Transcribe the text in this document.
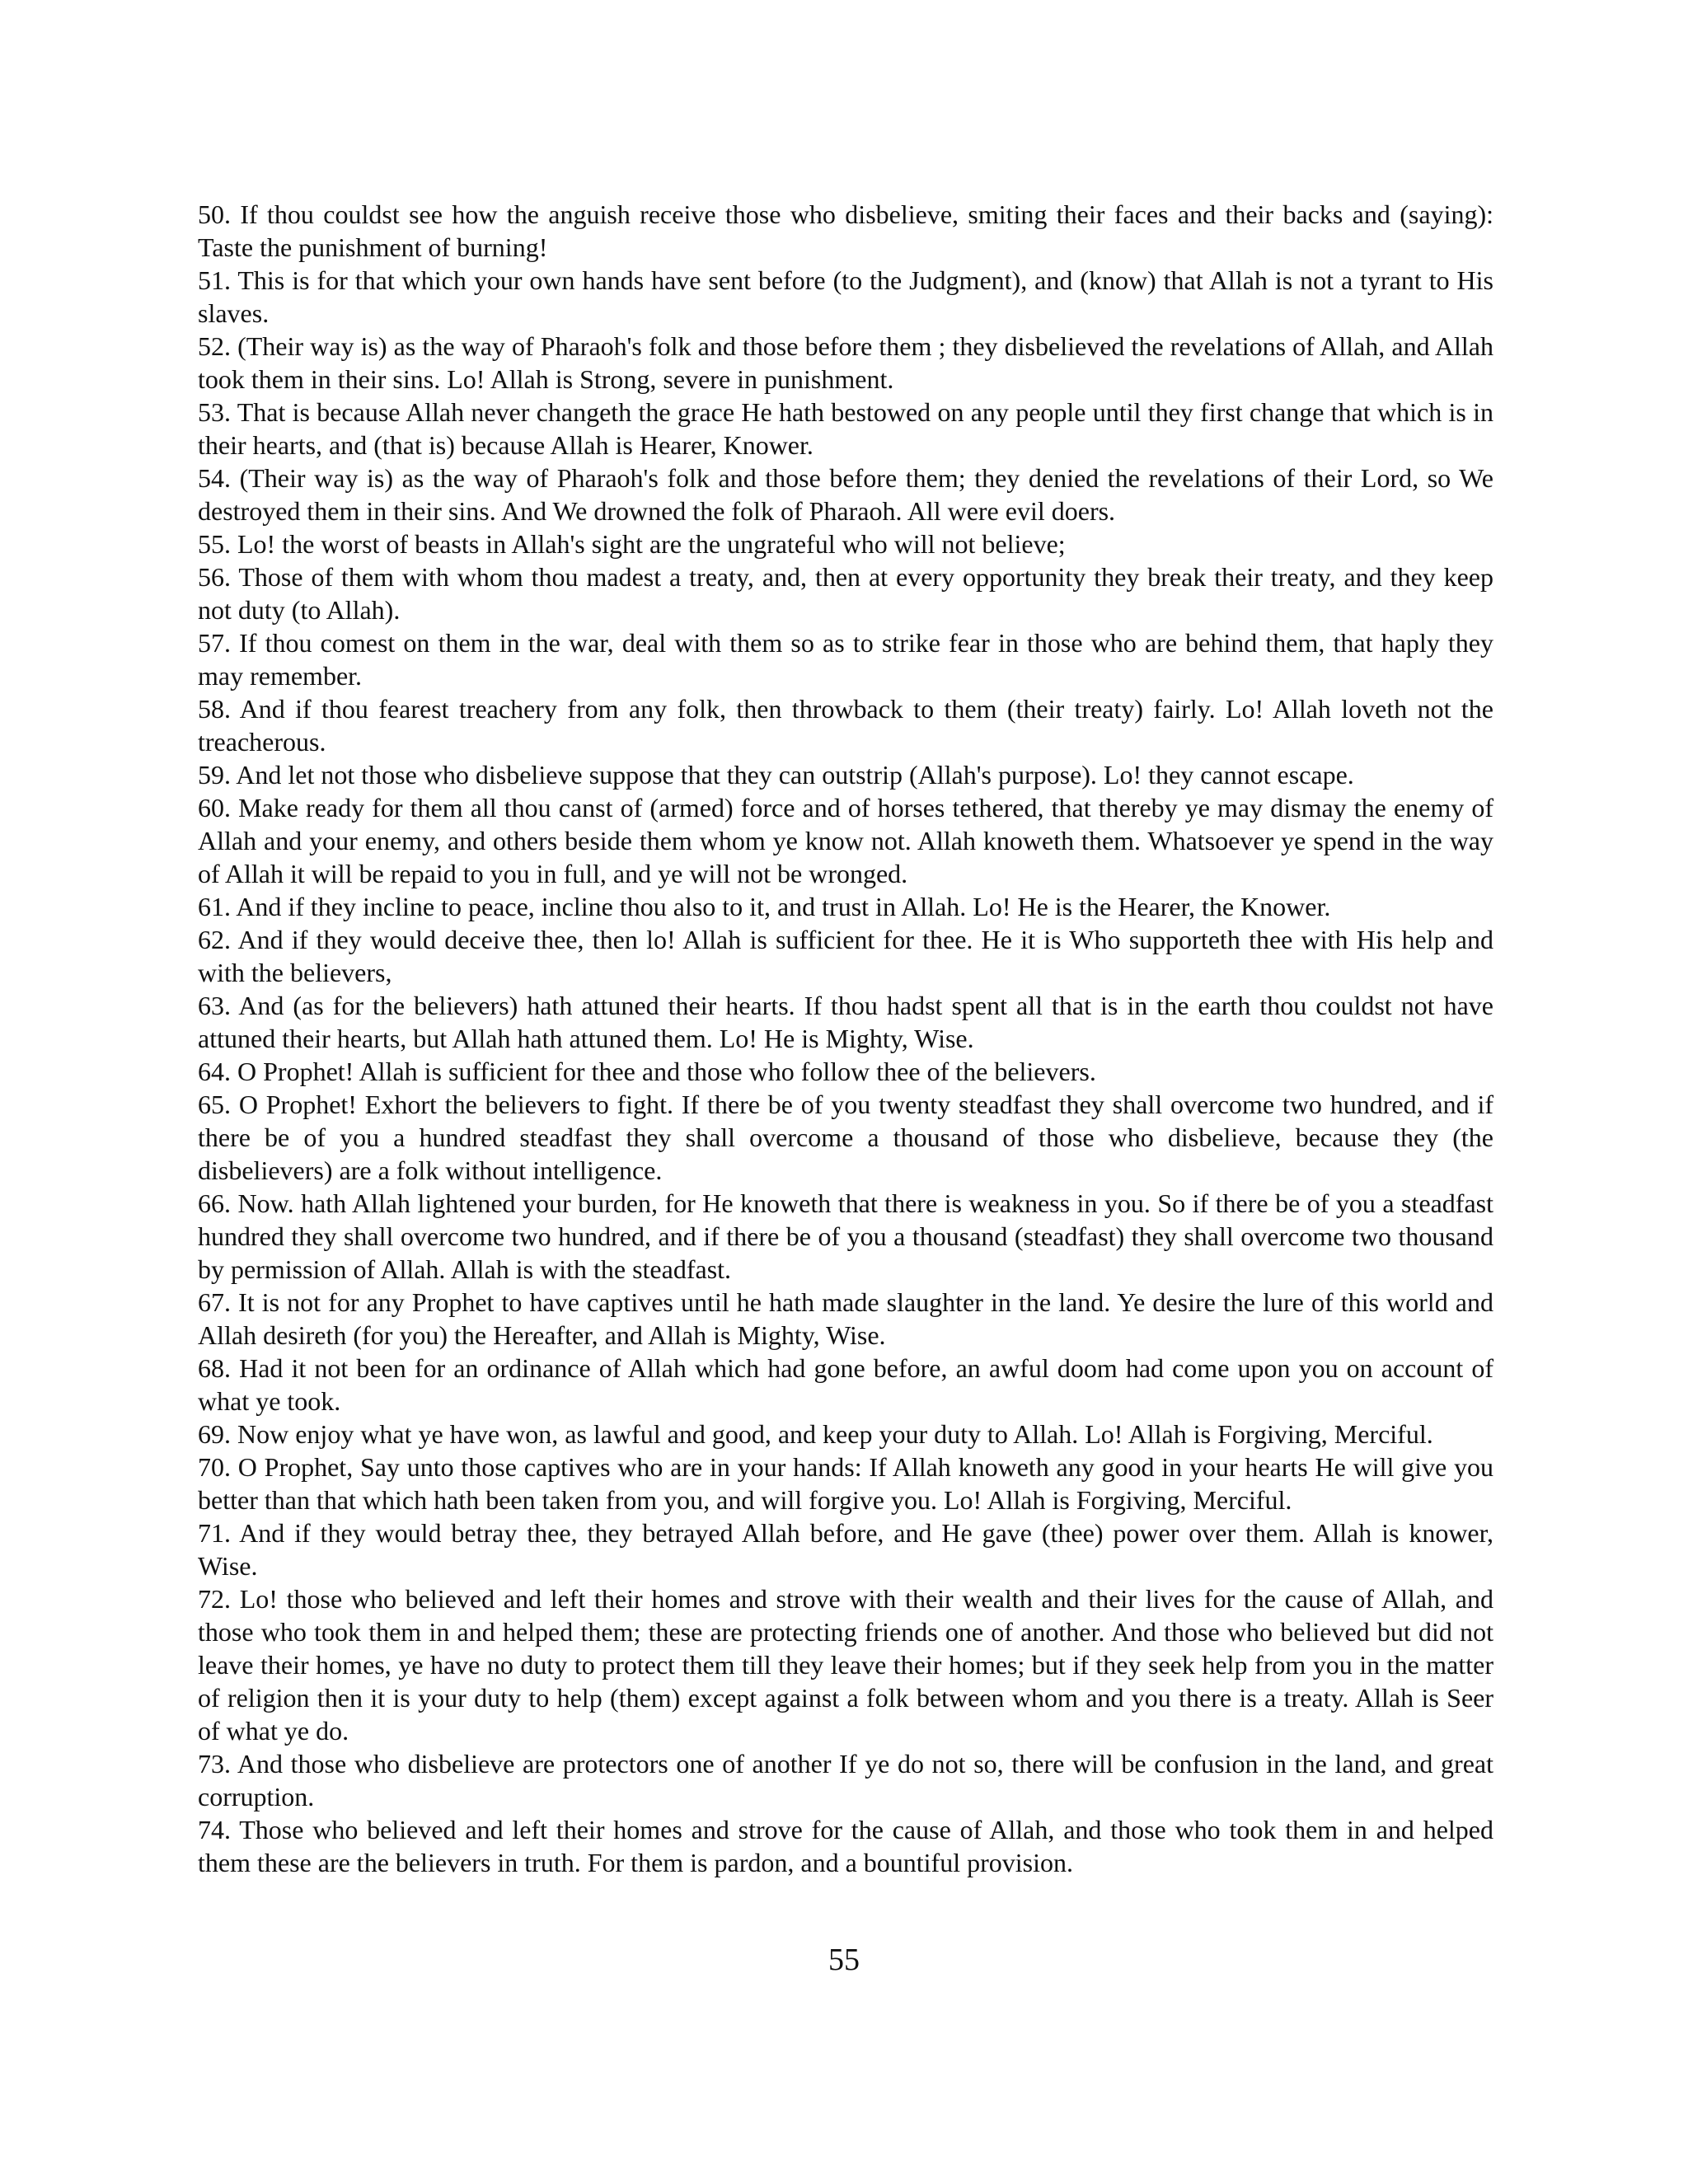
50. If thou couldst see how the anguish receive those who disbelieve, smiting their faces and their backs and (saying): Taste the punishment of burning!

51. This is for that which your own hands have sent before (to the Judgment), and (know) that Allah is not a tyrant to His slaves.

52. (Their way is) as the way of Pharaoh's folk and those before them ; they disbelieved the revelations of Allah, and Allah took them in their sins. Lo! Allah is Strong, severe in punishment.

53. That is because Allah never changeth the grace He hath bestowed on any people until they first change that which is in their hearts, and (that is) because Allah is Hearer, Knower.

54. (Their way is) as the way of Pharaoh's folk and those before them; they denied the revelations of their Lord, so We destroyed them in their sins. And We drowned the folk of Pharaoh. All were evil doers.

55. Lo! the worst of beasts in Allah's sight are the ungrateful who will not believe;

56. Those of them with whom thou madest a treaty, and, then at every opportunity they break their treaty, and they keep not duty (to Allah).

57. If thou comest on them in the war, deal with them so as to strike fear in those who are behind them, that haply they may remember.

58. And if thou fearest treachery from any folk, then throwback to them (their treaty) fairly. Lo! Allah loveth not the treacherous.

59. And let not those who disbelieve suppose that they can outstrip (Allah's purpose). Lo! they cannot escape.

60. Make ready for them all thou canst of (armed) force and of horses tethered, that thereby ye may dismay the enemy of Allah and your enemy, and others beside them whom ye know not. Allah knoweth them. Whatsoever ye spend in the way of Allah it will be repaid to you in full, and ye will not be wronged.

61. And if they incline to peace, incline thou also to it, and trust in Allah. Lo! He is the Hearer, the Knower.

62. And if they would deceive thee, then lo! Allah is sufficient for thee. He it is Who supporteth thee with His help and with the believers,

63. And (as for the believers) hath attuned their hearts. If thou hadst spent all that is in the earth thou couldst not have attuned their hearts, but Allah hath attuned them. Lo! He is Mighty, Wise.

64. O Prophet! Allah is sufficient for thee and those who follow thee of the believers.

65. O Prophet! Exhort the believers to fight. If there be of you twenty steadfast they shall overcome two hundred, and if there be of you a hundred steadfast they shall overcome a thousand of those who disbelieve, because they (the disbelievers) are a folk without intelligence.

66. Now. hath Allah lightened your burden, for He knoweth that there is weakness in you. So if there be of you a steadfast hundred they shall overcome two hundred, and if there be of you a thousand (steadfast) they shall overcome two thousand by permission of Allah. Allah is with the steadfast.

67. It is not for any Prophet to have captives until he hath made slaughter in the land. Ye desire the lure of this world and Allah desireth (for you) the Hereafter, and Allah is Mighty, Wise.

68. Had it not been for an ordinance of Allah which had gone before, an awful doom had come upon you on account of what ye took.

69. Now enjoy what ye have won, as lawful and good, and keep your duty to Allah. Lo! Allah is Forgiving, Merciful.

70. O Prophet, Say unto those captives who are in your hands: If Allah knoweth any good in your hearts He will give you better than that which hath been taken from you, and will forgive you. Lo! Allah is Forgiving, Merciful.

71. And if they would betray thee, they betrayed Allah before, and He gave (thee) power over them. Allah is knower, Wise.

72. Lo! those who believed and left their homes and strove with their wealth and their lives for the cause of Allah, and those who took them in and helped them; these are protecting friends one of another. And those who believed but did not leave their homes, ye have no duty to protect them till they leave their homes; but if they seek help from you in the matter of religion then it is your duty to help (them) except against a folk between whom and you there is a treaty. Allah is Seer of what ye do.

73. And those who disbelieve are protectors one of another If ye do not so, there will be confusion in the land, and great corruption.

74. Those who believed and left their homes and strove for the cause of Allah, and those who took them in and helped them these are the believers in truth. For them is pardon, and a bountiful provision.

55
